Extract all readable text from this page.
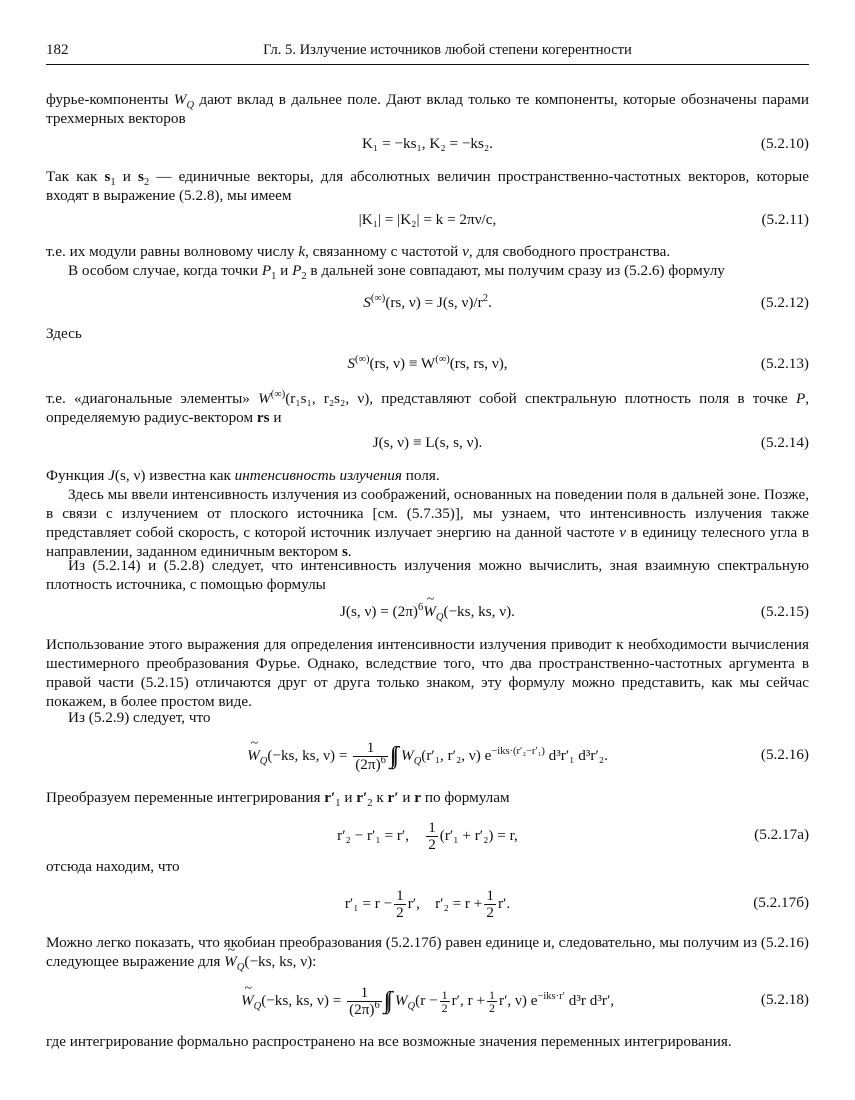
182	Гл. 5. Излучение источников любой степени когерентности
фурье-компоненты $W_Q$ дают вклад в дальнее поле. Дают вклад только те компоненты, которые обозначены парами трехмерных векторов
K₁ = −ks₁, K₂ = −ks₂.	(5.2.10)
Так как $s_1$ и $s_2$ — единичные векторы, для абсолютных величин пространственно-частотных векторов, которые входят в выражение (5.2.8), мы имеем
|K₁| = |K₂| = k = 2πν/c,	(5.2.11)
т.е. их модули равны волновому числу k, связанному с частотой ν, для свободного пространства.
В особом случае, когда точки $P_1$ и $P_2$ в дальней зоне совпадают, мы получим сразу из (5.2.6) формулу
S(∞)(rs, ν) = J(s, $\nu)/r^2$.	(5.2.12)
Здесь
S(∞)(rs, ν) ≡ W(∞)(rs, rs, ν),	(5.2.13)
т.е. «диагональные элементы» W(∞)(r₁s₁, r₂s₂, ν), представляют собой спектральную плотность поля в точке P, определяемую радиус-вектором rs и
J(s, ν) ≡ L(s, s, ν).	(5.2.14)
Функция J(s, ν) известна как интенсивность излучения поля.
Здесь мы ввели интенсивность излучения из соображений, основанных на поведении поля в дальней зоне. Позже, в связи с излучением от плоского источника [см. (5.7.35)], мы узнаем, что интенсивность излучения также представляет собой скорость, с которой источник излучает энергию на данной частоте ν в единицу телесного угла в направлении, заданном единичным вектором s.
Из (5.2.14) и (5.2.8) следует, что интенсивность излучения можно вычислить, зная взаимную спектральную плотность источника, с помощью формулы
J(s, $\nu) = (2\pi)^6\sim$ $W_Q(-ks$, ks, ν).	(5.2.15)
Использование этого выражения для определения интенсивности излучения приводит к необходимости вычисления шестимерного преобразования Фурье. Однако, вследствие того, что два пространственно-частотных аргумента в правой части (5.2.15) отличаются друг от друга только знаком, эту формулу можно представить, как мы сейчас покажем, в более простом виде.
Из (5.2.9) следует, что
~ $W_Q(-ks$, ks, $\nu) = \frac{1}{(2\pi)^6}$ ∫∫ $W_Q(r'_1$, r′₂, ν) $e^{-iks\cdot(r'_2-r'_1)}$ d³r′₁ d³r′₂.	(5.2.16)
Преобразуем переменные интегрирования $r'_1$ и $r'_2$ к r′ и r по формулам
r′₂ − r′₁ = r′, $\frac{1}{2} (r'_1 + r'_2) = r$,	(5.2.17а)
отсюда находим, что
$r'_1 = r - \frac{1}{2} r'$, $r'_2 = r + \frac{1}{2} r'$.	(5.2.17б)
Можно легко показать, что якобиан преобразования (5.2.17б) равен единице и, следовательно, мы получим из (5.2.16) следующее выражение для ~ $W_Q(-ks$, ks, ν):
~ $W_Q(-ks$, ks, $\nu) = \frac{1}{(2\pi)^6}$ ∫∫ $W_Q(r - \frac{1}{2} r'$, $r + \frac{1}{2} r'$, ν) $e^{-iks\cdot r'}$ d³r d³r′,	(5.2.18)
где интегрирование формально распространено на все возможные значения переменных интегрирования.
